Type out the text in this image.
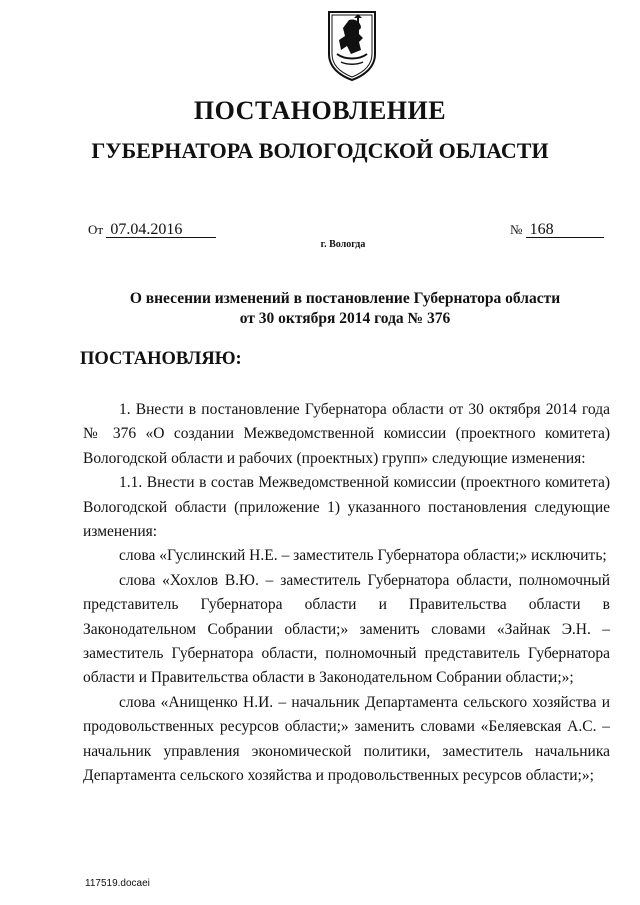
ПОСТАНОВЛЕНИЕ
ГУБЕРНАТОРА ВОЛОГОДСКОЙ ОБЛАСТИ
От 07.04.2016	№ 168
г. Вологда
О внесении изменений в постановление Губернатора области
от 30 октября 2014 года № 376
ПОСТАНОВЛЯЮ:

1. Внести в постановление Губернатора области от 30 октября 2014 года № 376 «О создании Межведомственной комиссии (проектного комитета) Вологодской области и рабочих (проектных) групп» следующие изменения:

1.1. Внести в состав Межведомственной комиссии (проектного комитета) Вологодской области (приложение 1) указанного постановления следующие изменения:

слова «Гуслинский Н.Е. – заместитель Губернатора области;» исключить;

слова «Хохлов В.Ю. – заместитель Губернатора области, полномочный представитель Губернатора области и Правительства области в Законодательном Собрании области;» заменить словами «Зайнак Э.Н. – заместитель Губернатора области, полномочный представитель Губернатора области и Правительства области в Законодательном Собрании области;»;

слова «Анищенко Н.И. – начальник Департамента сельского хозяйства и продовольственных ресурсов области;» заменить словами «Беляевская А.С. – начальник управления экономической политики, заместитель начальника Департамента сельского хозяйства и продовольственных ресурсов области;»;

117519.docaei
